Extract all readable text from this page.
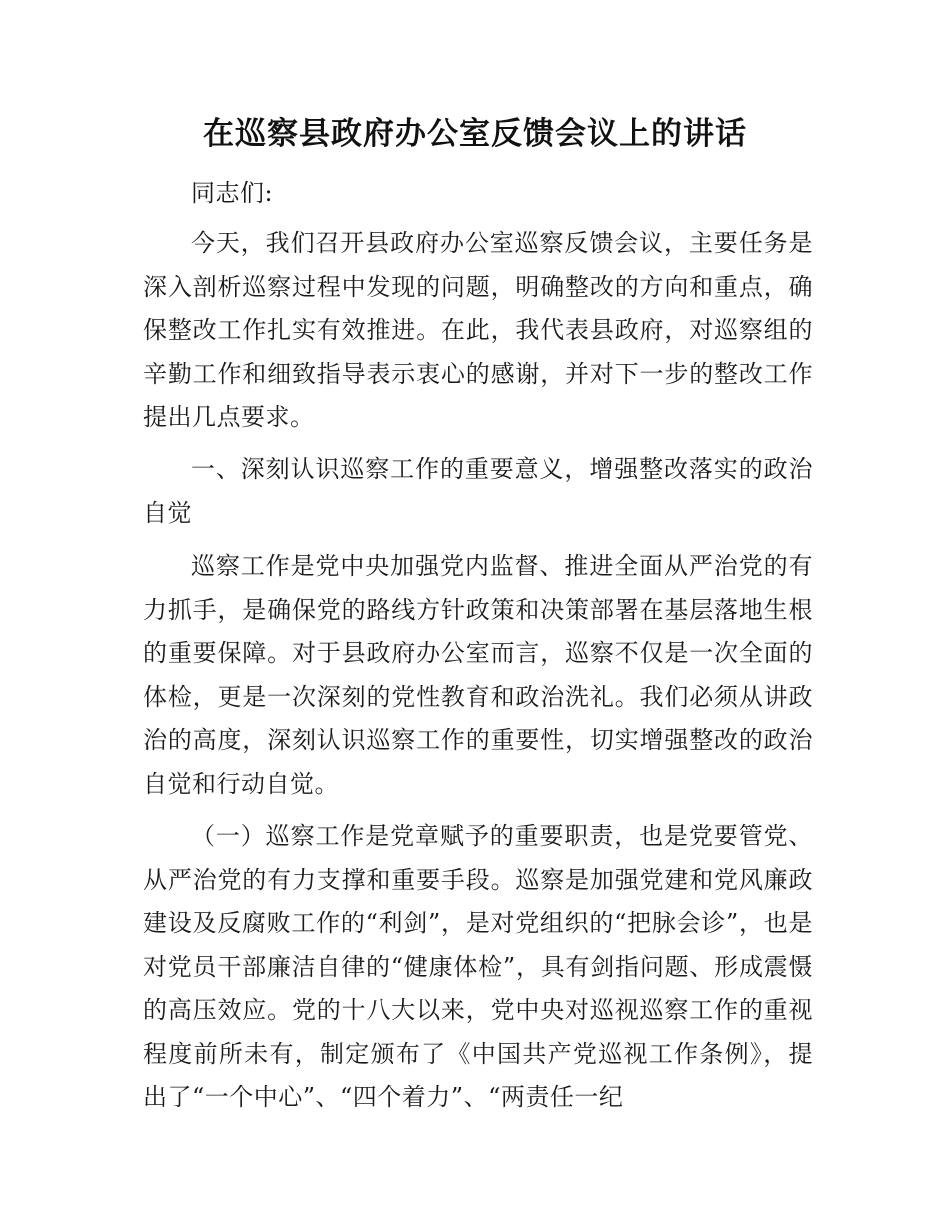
在巡察县政府办公室反馈会议上的讲话

同志们:

今天，我们召开县政府办公室巡察反馈会议，主要任务是深入剖析巡察过程中发现的问题，明确整改的方向和重点，确保整改工作扎实有效推进。在此，我代表县政府，对巡察组的辛勤工作和细致指导表示衷心的感谢，并对下一步的整改工作提出几点要求。

一、深刻认识巡察工作的重要意义，增强整改落实的政治自觉

巡察工作是党中央加强党内监督、推进全面从严治党的有力抓手，是确保党的路线方针政策和决策部署在基层落地生根的重要保障。对于县政府办公室而言，巡察不仅是一次全面的体检，更是一次深刻的党性教育和政治洗礼。我们必须从讲政治的高度，深刻认识巡察工作的重要性，切实增强整改的政治自觉和行动自觉。

（一）巡察工作是党章赋予的重要职责，也是党要管党、从严治党的有力支撑和重要手段。巡察是加强党建和党风廉政建设及反腐败工作的“利剑”，是对党组织的“把脉会诊”，也是对党员干部廉洁自律的“健康体检”，具有剑指问题、形成震慑的高压效应。党的十八大以来，党中央对巡视巡察工作的重视程度前所未有，制定颁布了《中国共产党巡视工作条例》，提出了“一个中心”、“四个着力”、“两责任一纪
